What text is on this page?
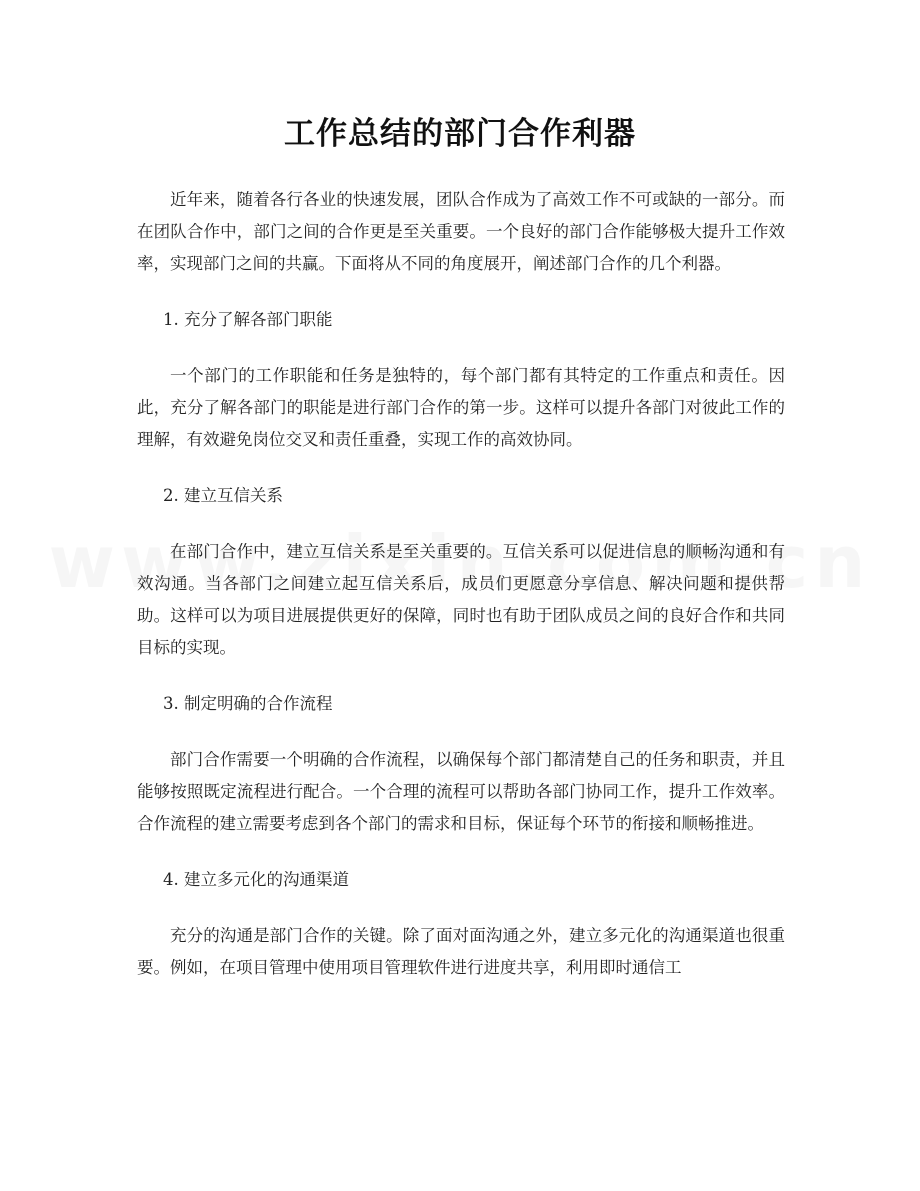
工作总结的部门合作利器

近年来，随着各行各业的快速发展，团队合作成为了高效工作不可或缺的一部分。而在团队合作中，部门之间的合作更是至关重要。一个良好的部门合作能够极大提升工作效率，实现部门之间的共赢。下面将从不同的角度展开，阐述部门合作的几个利器。

1. 充分了解各部门职能

一个部门的工作职能和任务是独特的，每个部门都有其特定的工作重点和责任。因此，充分了解各部门的职能是进行部门合作的第一步。这样可以提升各部门对彼此工作的理解，有效避免岗位交叉和责任重叠，实现工作的高效协同。

2. 建立互信关系

在部门合作中，建立互信关系是至关重要的。互信关系可以促进信息的顺畅沟通和有效沟通。当各部门之间建立起互信关系后，成员们更愿意分享信息、解决问题和提供帮助。这样可以为项目进展提供更好的保障，同时也有助于团队成员之间的良好合作和共同目标的实现。

3. 制定明确的合作流程

部门合作需要一个明确的合作流程，以确保每个部门都清楚自己的任务和职责，并且能够按照既定流程进行配合。一个合理的流程可以帮助各部门协同工作，提升工作效率。合作流程的建立需要考虑到各个部门的需求和目标，保证每个环节的衔接和顺畅推进。

4. 建立多元化的沟通渠道

充分的沟通是部门合作的关键。除了面对面沟通之外，建立多元化的沟通渠道也很重要。例如，在项目管理中使用项目管理软件进行进度共享，利用即时通信工
